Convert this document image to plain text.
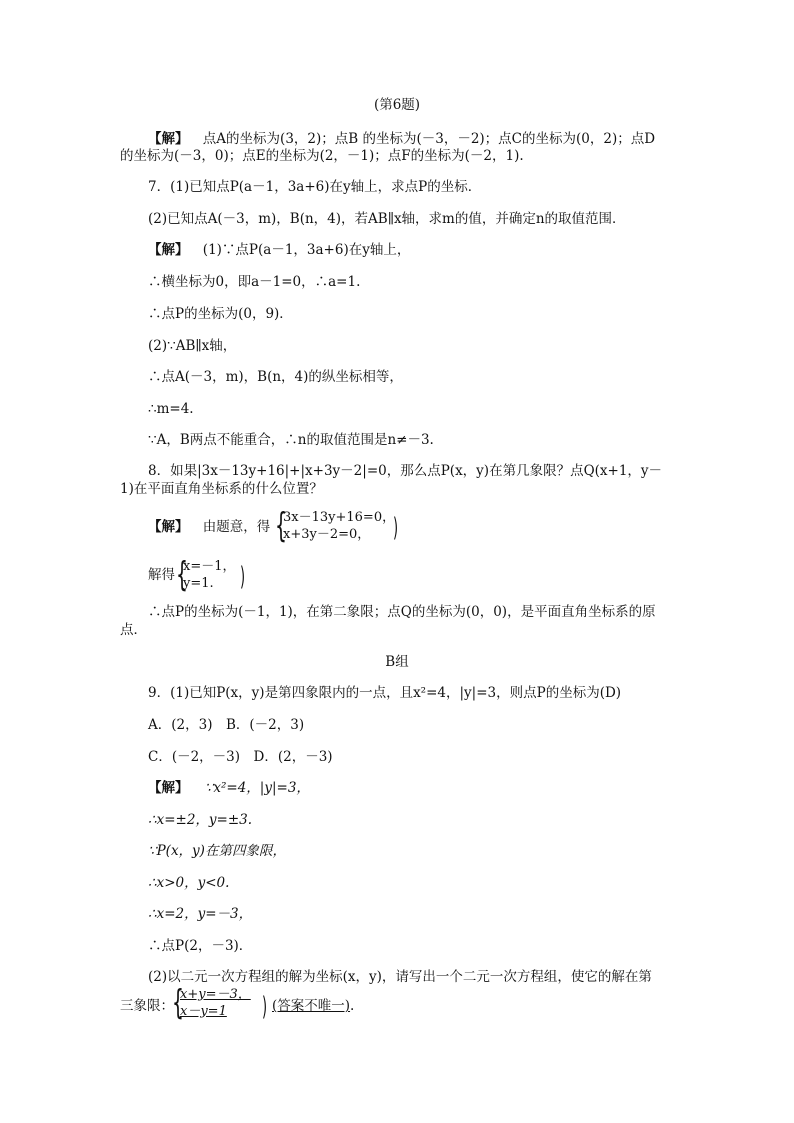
(第6题)
【解】 点A的坐标为(3，2)；点B 的坐标为(－3，－2)；点C的坐标为(0，2)；点D
的坐标为(－3，0)；点E的坐标为(2，－1)；点F的坐标为(－2，1).
7．(1)已知点P(a－1，3a+6)在y轴上，求点P的坐标．
(2)已知点A(－3，m)，B(n，4)，若AB∥x轴，求m的值，并确定n的取值范围．
【解】 (1)∵点P(a－1，3a+6)在y轴上，
∴横坐标为0，即a－1=0，∴a=1.
∴点P的坐标为(0，9)．
(2)∵AB∥x轴，
∴点A(－3，m)，B(n，4)的纵坐标相等，
∴m=4.
∵A，B两点不能重合，∴n的取值范围是n≠－3.
8．如果|3x－13y+16|+|x+3y－2|=0，那么点P(x，y)在第几象限？点Q(x+1，y－
1)在平面直角坐标系的什么位置？
【解】 由题意，得 {
3x－13y+16=0，
x+3y－2=0， )
解得 {
x=－1，
y=1. )
∴点P的坐标为(－1，1)，在第二象限；点Q的坐标为(0，0)，是平面直角坐标系的原
点．
B组
9．(1)已知P(x，y)是第四象限内的一点，且x²=4，|y|=3，则点P的坐标为(D)
A．(2，3)　B．(－2，3)
C．(－2，－3)　D．(2，－3)
【解】 ∵x²=4，|y|=3，
∴x=±2，y=±3.
∵P(x，y)在第四象限，
∴x>0，y<0.
∴x=2，y=－3，
∴点P(2，－3)．
(2)以二元一次方程组的解为坐标(x，y)，请写出一个二元一次方程组，使它的解在第
三象限：
{
x+y=－3，
x－y=1 ) (答案不唯一).
